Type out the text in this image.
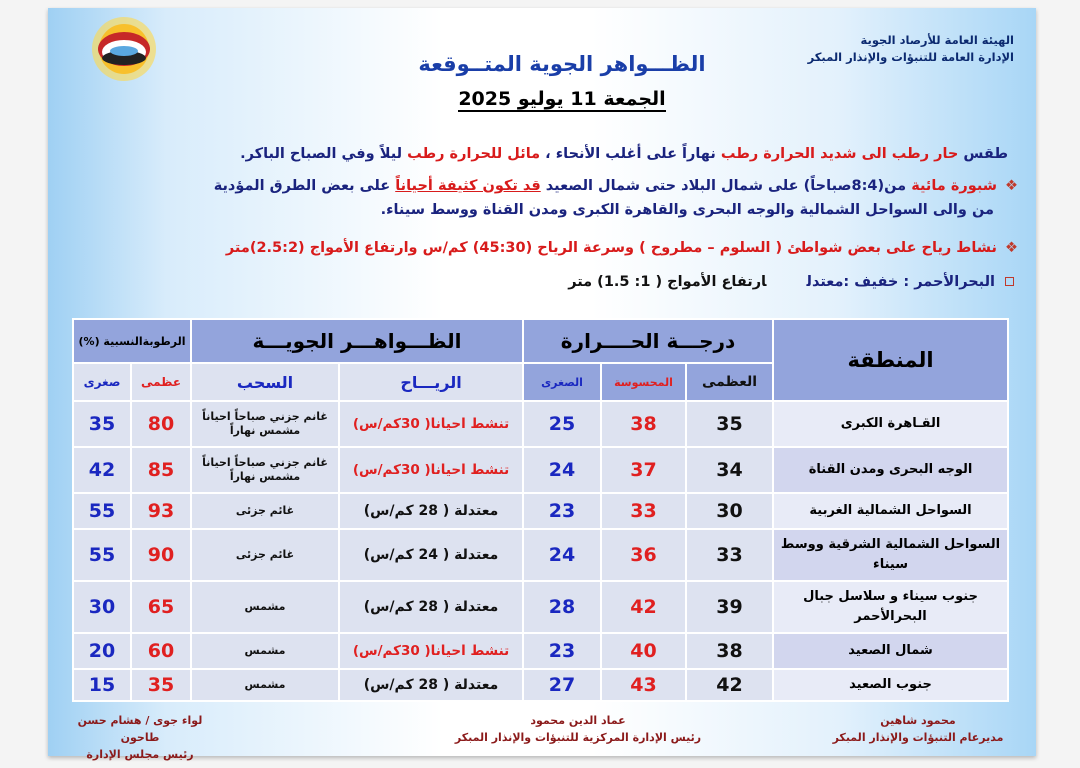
الهيئة العامة للأرصاد الجوية
الإدارة العامة للتنبؤات والإنذار المبكر
الظـــواهر الجوية المتــوقعة
الجمعة 11 يوليو 2025
طقس حار رطب الى شديد الحرارة رطب نهاراً على أغلب الأنحاء ، مائل للحرارة رطب ليلاً وفي الصباح الباكر.
❖شبورة مائية من(8:4صباحاً) على شمال البلاد حتى شمال الصعيد قد تكون كثيفة أحياناً على بعض الطرق المؤدية
من والى السواحل الشمالية والوجه البحرى والقاهرة الكبرى ومدن القناة ووسط سيناء.
❖نشاط رياح على بعض شواطئ ( السلوم – مطروح ) وسرعة الرياح (45:30) كم/س وارتفاع الأمواج (2.5:2)متر
البحرالأحمر : خفيف :معتدلارتفاع الأمواج ( 1: 1.5) متر
المنطقة	درجـــة الحــــرارة			الظـــواهـــر الجويـــة		الرطوبةالنسبية (%)	
	العظمى	المحسوسة	الصغرى	الريـــاح	السحب	عظمى	صغرى
القـاهرة الكبرى	35	38	25	تنشط احيانا( 30كم/س)	غانم جزني صباحاً احياناً مشمس نهاراً	80	35
الوجه البحرى ومدن القناة	34	37	24	تنشط احيانا( 30كم/س)	غانم جزني صباحاً احياناً مشمس نهاراً	85	42
السواحل الشمالية الغربية	30	33	23	معتدلة ( 28 كم/س)	غائم جزئى	93	55
السواحل الشمالية الشرقية ووسط سيناء	33	36	24	معتدلة ( 24 كم/س)	غائم جزئى	90	55
جنوب سيناء و سلاسل جبال البحرالأحمر	39	42	28	معتدلة ( 28 كم/س)	مشمس	65	30
شمال الصعيد	38	40	23	تنشط احيانا( 30كم/س)	مشمس	60	20
جنوب الصعيد	42	43	27	معتدلة ( 28 كم/س)	مشمس	35	15
محمود شاهين
مديرعام التنبؤات والإنذار المبكر
عماد الدين محمود
رئيس الإدارة المركزية للتنبؤات والإنذار المبكر
لواء جوى / هشام حسن طاحون
رئيس مجلس الإدارة
